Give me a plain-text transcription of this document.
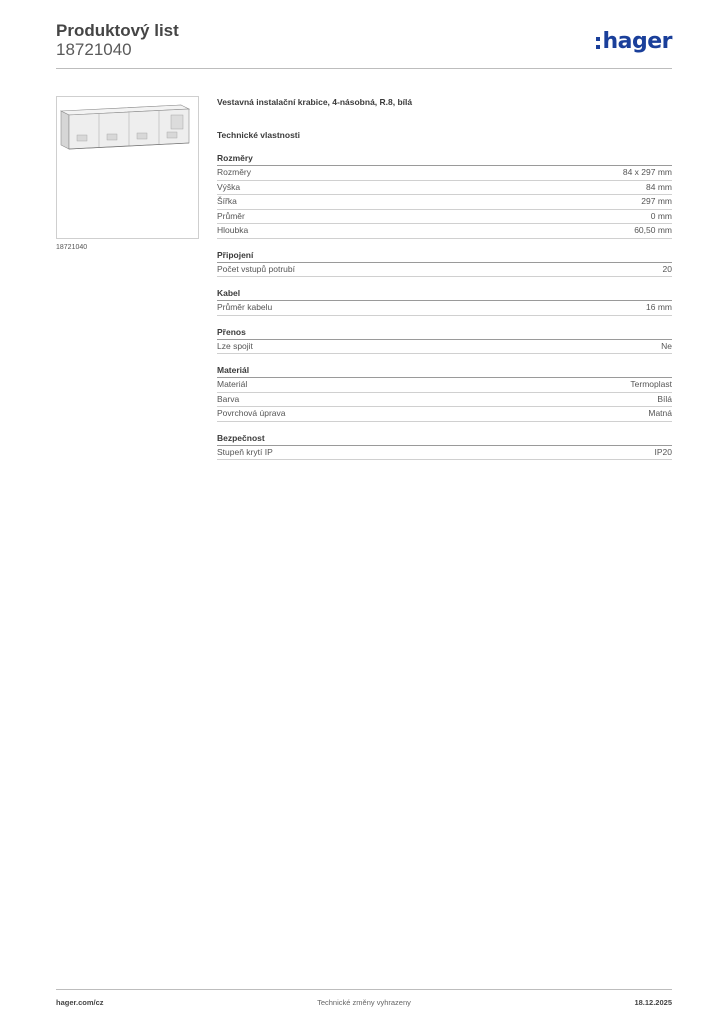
Produktový list
18721040	hager
18721040
Vestavná instalační krabice, 4-násobná, R.8, bílá
Technické vlastnosti
Rozměry
Rozměry	84 x 297 mm
Výška	84 mm
Šířka	297 mm
Průměr	0 mm
Hloubka	60,50 mm
Připojení
Počet vstupů potrubí	20
Kabel
Průměr kabelu	16 mm
Přenos
Lze spojit	Ne
Materiál
Materiál	Termoplast
Barva	Bílá
Povrchová úprava	Matná
Bezpečnost
Stupeň krytí IP	IP20
hager.com/cz	Technické změny vyhrazeny	18.12.2025
